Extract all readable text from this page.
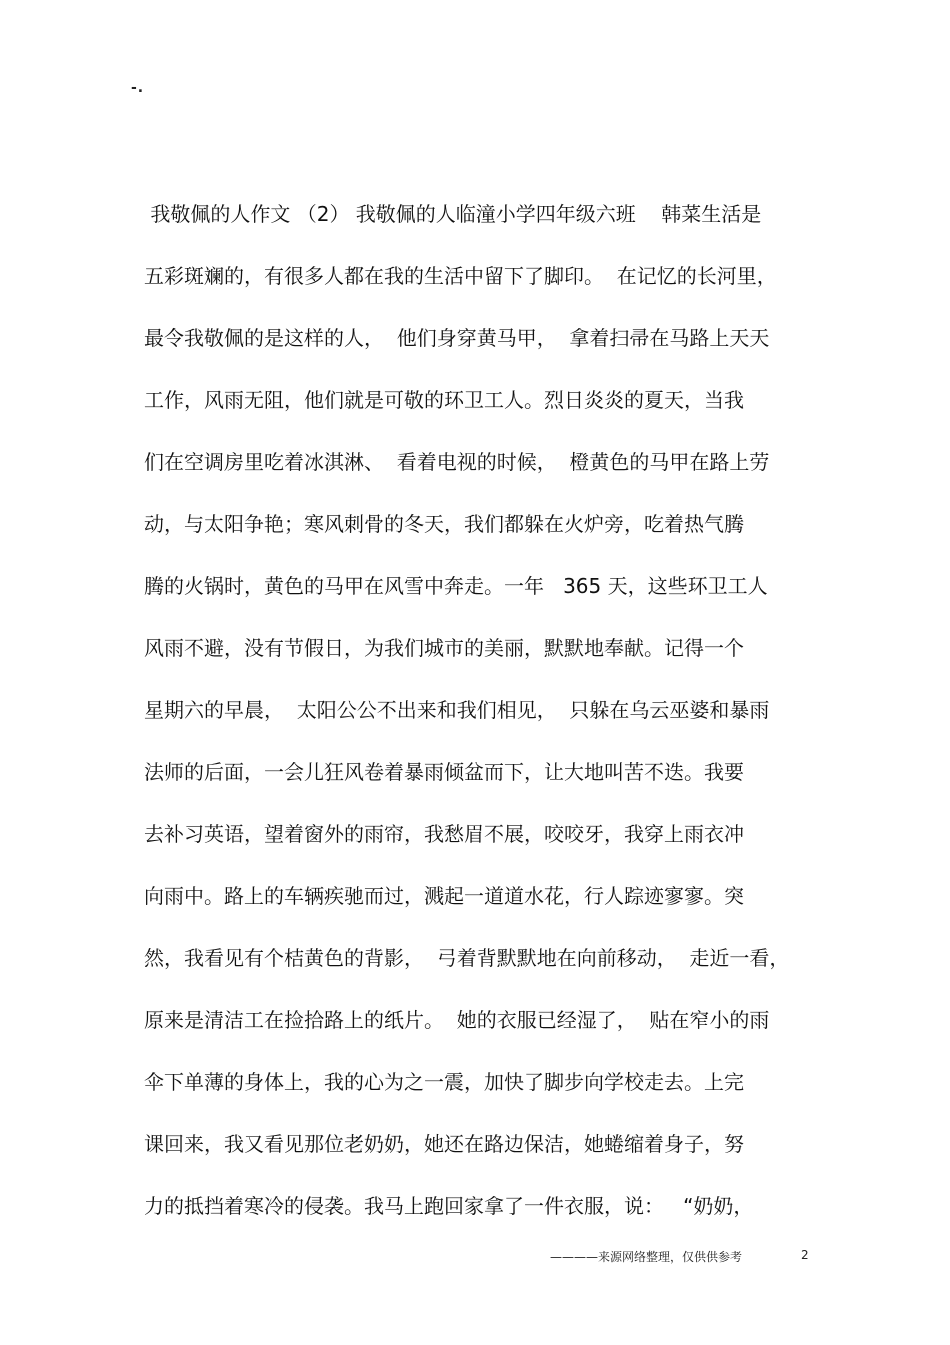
-.
我敬佩的人作文 （2） 我敬佩的人临潼小学四年级六班    韩菜生活是
五彩斑斓的，有很多人都在我的生活中留下了脚印。  在记忆的长河里，
最令我敬佩的是这样的人，  他们身穿黄马甲，  拿着扫帚在马路上天天
工作，风雨无阻，他们就是可敬的环卫工人。烈日炎炎的夏天，当我
们在空调房里吃着冰淇淋、  看着电视的时候，  橙黄色的马甲在路上劳
动，与太阳争艳；寒风刺骨的冬天，我们都躲在火炉旁，吃着热气腾
腾的火锅时，黄色的马甲在风雪中奔走。一年   365 天，这些环卫工人
风雨不避，没有节假日，为我们城市的美丽，默默地奉献。记得一个
星期六的早晨，  太阳公公不出来和我们相见，  只躲在乌云巫婆和暴雨
法师的后面，一会儿狂风卷着暴雨倾盆而下，让大地叫苦不迭。我要
去补习英语，望着窗外的雨帘，我愁眉不展，咬咬牙，我穿上雨衣冲
向雨中。路上的车辆疾驰而过，溅起一道道水花，行人踪迹寥寥。突
然，我看见有个桔黄色的背影，  弓着背默默地在向前移动，  走近一看，
原来是清洁工在捡拾路上的纸片。  她的衣服已经湿了，  贴在窄小的雨
伞下单薄的身体上，我的心为之一震，加快了脚步向学校走去。上完
课回来，我又看见那位老奶奶，她还在路边保洁，她蜷缩着身子，努
力的抵挡着寒冷的侵袭。我马上跑回家拿了一件衣服，说：   “奶奶，
————来源网络整理，仅供供参考	2
